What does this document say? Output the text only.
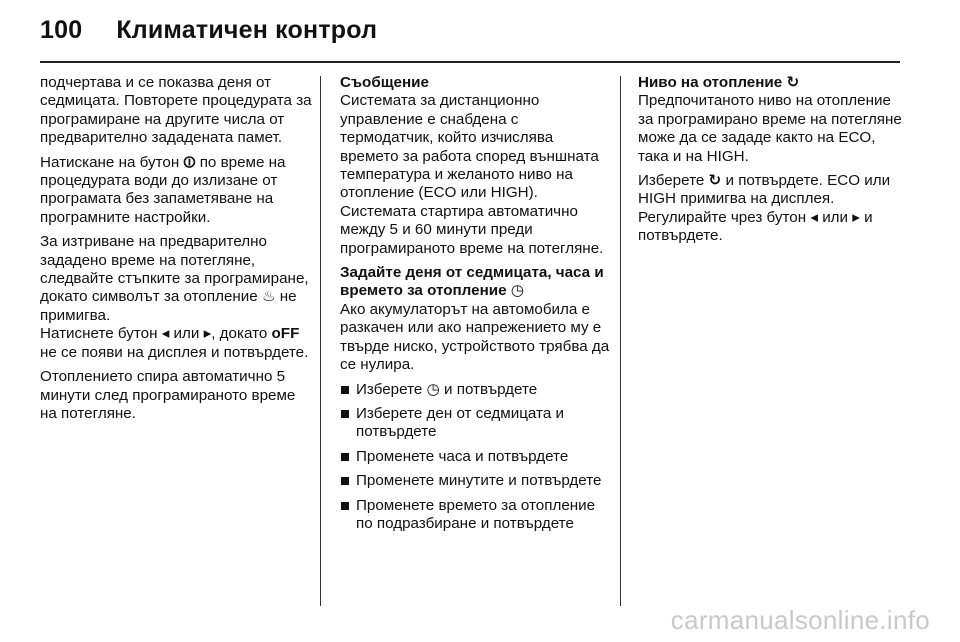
100 Климатичен контрол

подчертава и се показва деня от седмицата. Повторете процедурата за програмиране на другите числа от предварително зададената памет.

Натискане на бутон ⏼ по време на процедурата води до излизане от програмата без запаметяване на програмните настройки.

За изтриване на предварително зададено време на потегляне, следвайте стъпките за програмиране, докато символът за отопление ♨ не примигва.

Натиснете бутон ◂ или ▸, докато oFF не се появи на дисплея и потвърдете.

Отоплението спира автоматично 5 минути след програмираното време на потегляне.

Съобщение

Системата за дистанционно управление е снабдена с термодатчик, който изчислява времето за работа според външната температура и желаното ниво на отопление (ECO или HIGH). Системата стартира автоматично между 5 и 60 минути преди програмираното време на потегляне.

Задайте деня от седмицата, часа и времето за отопление ◷

Ако акумулаторът на автомобила е разкачен или ако напрежението му е твърде ниско, устройството трябва да се нулира.

Изберете ◷ и потвърдете
Изберете ден от седмицата и потвърдете
Променете часа и потвърдете
Променете минутите и потвърдете
Променете времето за отопление по подразбиране и потвърдете

Ниво на отопление ↻

Предпочитаното ниво на отопление за програмирано време на потегляне може да се зададе както на ECO, така и на HIGH.

Изберете ↻ и потвърдете. ECO или HIGH примигва на дисплея. Регулирайте чрез бутон ◂ или ▸ и потвърдете.

carmanualsonline.info
